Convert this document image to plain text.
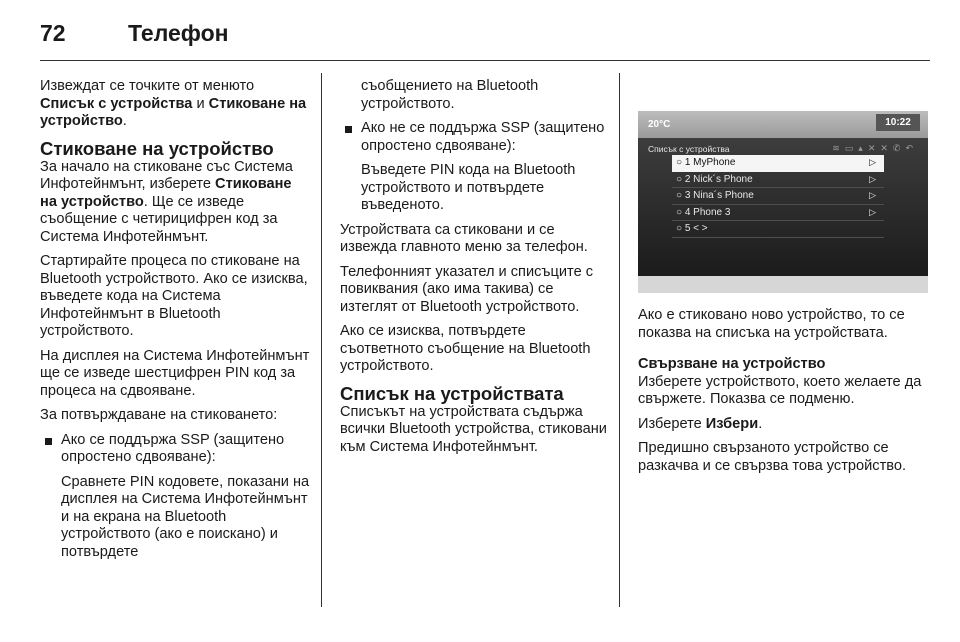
72	Телефон

Извеждат се точките от менюто Списък с устройства и Стиковане на устройство.

Стиковане на устройство

За начало на стиковане със Система Инфотейнмънт, изберете Стиковане на устройство. Ще се изведе съобщение с четирицифрен код за Система Инфотейнмънт.

Стартирайте процеса по стиковане на Bluetooth устройството. Ако се изисква, въведете кода на Система Инфотейнмънт в Bluetooth устройството.

На дисплея на Система Инфотейнмънт ще се изведе шестцифрен PIN код за процеса на сдвояване.

За потвърждаване на стиковането:

Ако се поддържа SSP (защитено опростено сдвояване):

Сравнете PIN кодовете, показани на дисплея на Система Инфотейнмънт и на екрана на Bluetooth устройството (ако е поискано) и потвърдете

съобщението на Bluetooth устройството.

Ако не се поддържа SSP (защитено опростено сдвояване):

Въведете PIN кода на Bluetooth устройството и потвърдете въведеното.

Устройствата са стиковани и се извежда главното меню за телефон.

Телефонният указател и списъците с повиквания (ако има такива) се изтеглят от Bluetooth устройството.

Ако се изисква, потвърдете съответното съобщение на Bluetooth устройството.

Списък на устройствата

Списъкът на устройствата съдържа всички Bluetooth устройства, стиковани към Система Инфотейнмънт.

20°C	10:22
Списък с устройства	≋▭▴✕✕✆↶
○ 1 MyPhone	▷
○ 2 Nick´s Phone	▷
○ 3 Nina´s Phone	▷
○ 4 Phone 3	▷
○ 5 < >

Ако е стиковано ново устройство, то се показва на списъка на устройствата.

Свързване на устройство

Изберете устройството, което желаете да свържете. Показва се подменю.

Изберете Избери.

Предишно свързаното устройство се разкачва и се свързва това устройство.
